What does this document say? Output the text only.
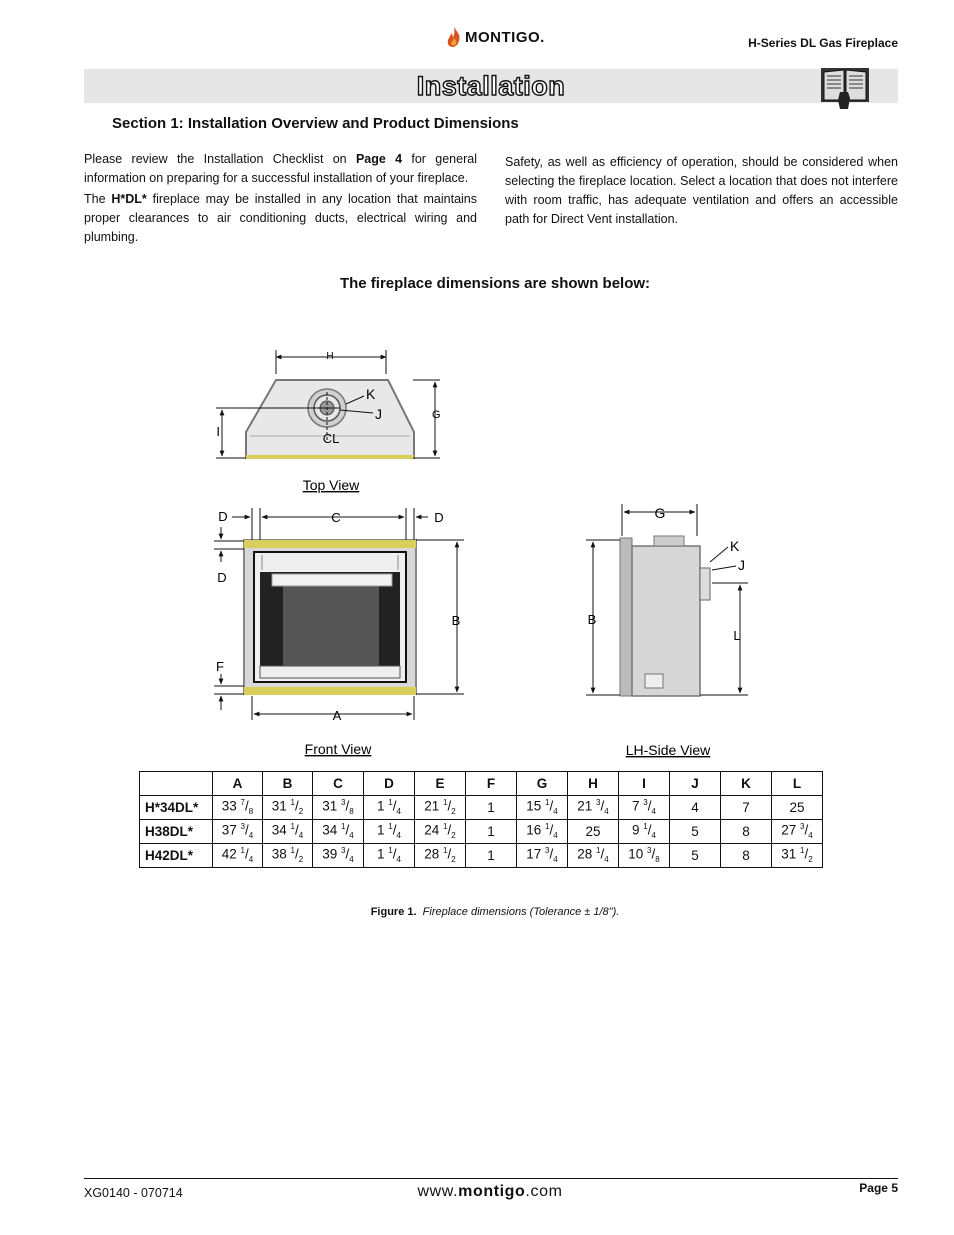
MONTIGO.	H-Series DL Gas Fireplace
Installation
Section 1: Installation Overview and Product Dimensions

Please review the Installation Checklist on Page 4 for general information on preparing for a successful installation of your fireplace.

The H*DL* fireplace may be installed in any location that maintains proper clearances to air conditioning ducts, electrical wiring and plumbing.

Safety, as well as efficiency of operation, should be considered when selecting the fireplace location. Select a location that does not interfere with room traffic, has adequate ventilation and offers an accessible path for Direct Vent installation.

The fireplace dimensions are shown below:
H
K
J	G
I	CL
Top View
D	C	D
D
F
B
A
Front View
G
K
J
B
L
LH-Side View
	A	B	C	D	E	F	G	H	I	J	K	L
H*34DL*	33 $^7/_8$	31 $^1/_2$	31 $^3/_8$	1 $^1/_4$	21 $^1/_2$	1	15 $^1/_4$	21 $^3/_4$	7 $^3/_4$	4	7	25
H38DL*	37 $^3/_4$	34 $^1/_4$	34 $^1/_4$	1 $^1/_4$	24 $^1/_2$	1	16 $^1/_4$	25	9 $^1/_4$	5	8	27 $^3/_4$
H42DL*	42 $^1/_4$	38 $^1/_2$	39 $^3/_4$	1 $^1/_4$	28 $^1/_2$	1	17 $^3/_4$	28 $^1/_4$	10 $^3/_8$	5	8	31 $^1/_2$
Figure 1. Fireplace dimensions (Tolerance ± 1/8").
XG0140 - 070714	www.montigo.com	Page 5
